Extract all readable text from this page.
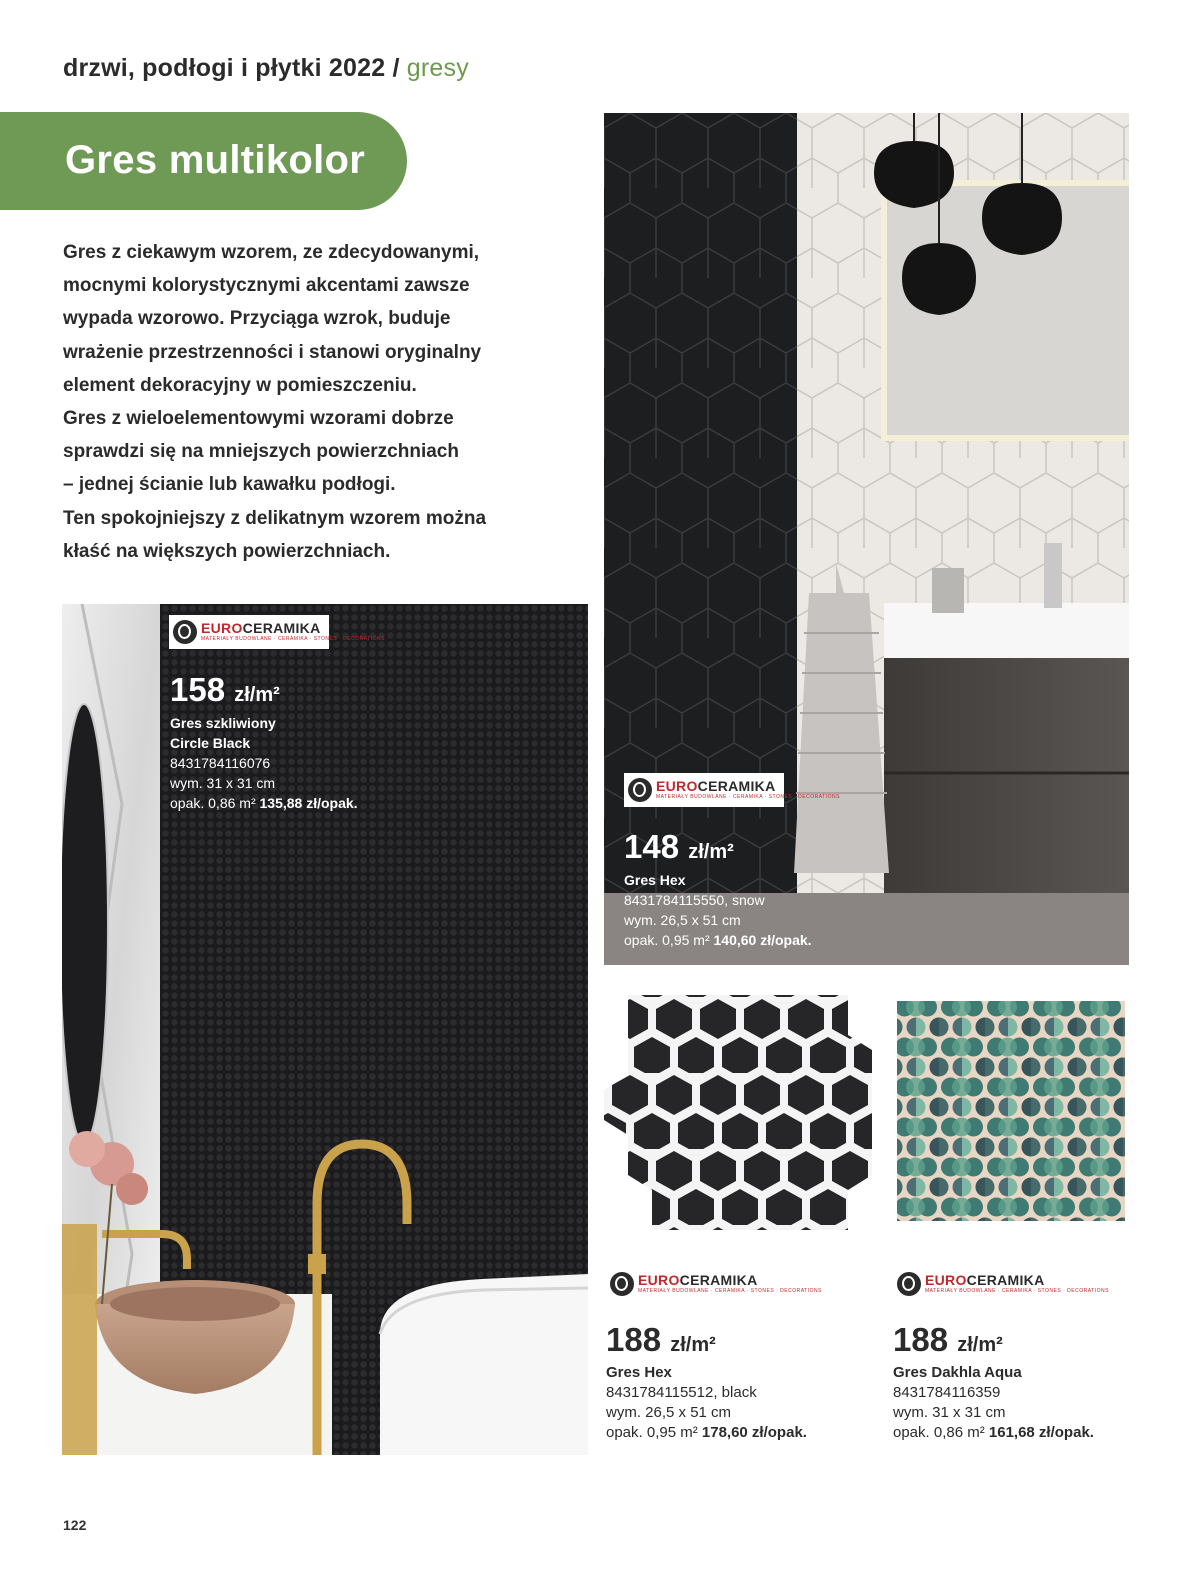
drzwi, podłogi i płytki 2022 / gresy
Gres multikolor

Gres z ciekawym wzorem, ze zdecydowanymi,

mocnymi kolorystycznymi akcentami zawsze

wypada wzorowo. Przyciąga wzrok, buduje

wrażenie przestrzenności i stanowi oryginalny

element dekoracyjny w pomieszczeniu.

Gres z wieloelementowymi wzorami dobrze

sprawdzi się na mniejszych powierzchniach

– jednej ścianie lub kawałku podłogi.

Ten spokojniejszy z delikatnym wzorem można

kłaść na większych powierzchniach.

EUROCERAMIKA
MATERIAŁY BUDOWLANE · CERAMIKA · STONES · DECORATIONS
158 zł/m²
Gres szkliwiony
Circle Black
8431784116076
wym. 31 x 31 cm
opak. 0,86 m² 135,88 zł/opak.
EUROCERAMIKA
MATERIAŁY BUDOWLANE · CERAMIKA · STONES · DECORATIONS
148 zł/m²
Gres Hex
8431784115550, snow
wym. 26,5 x 51 cm
opak. 0,95 m² 140,60 zł/opak.
EUROCERAMIKA
MATERIAŁY BUDOWLANE · CERAMIKA · STONES · DECORATIONS
188 zł/m²
Gres Hex
8431784115512, black
wym. 26,5 x 51 cm
opak. 0,95 m² 178,60 zł/opak.
EUROCERAMIKA
MATERIAŁY BUDOWLANE · CERAMIKA · STONES · DECORATIONS
188 zł/m²
Gres Dakhla Aqua
8431784116359
wym. 31 x 31 cm
opak. 0,86 m² 161,68 zł/opak.
122
